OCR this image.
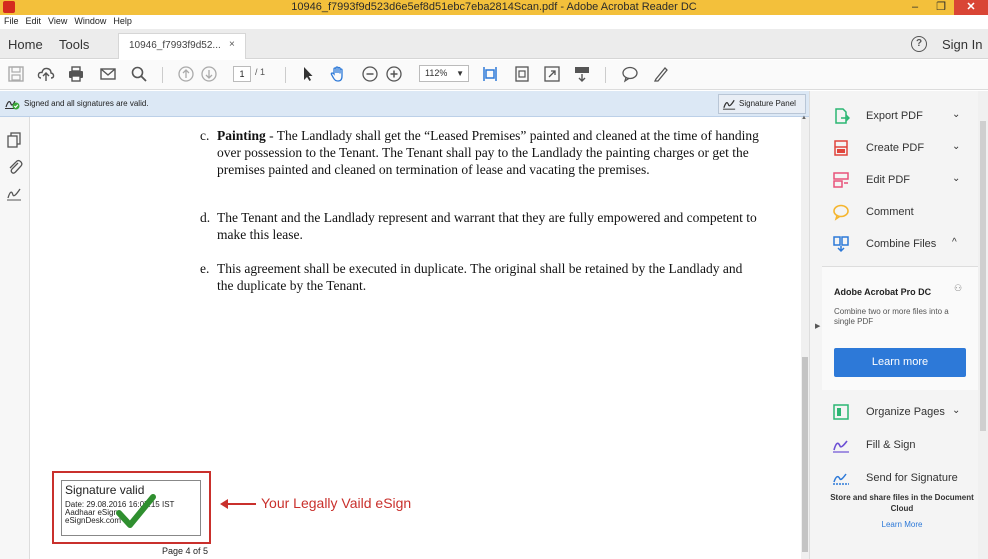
10946_f7993f9d523d6e5ef8d51ebc7eba2814Scan.pdf - Adobe Acrobat Reader DC	–	❐	✕
File Edit View Window Help
Home Tools	10946_f7993f9d52... ×	?	Sign In
1	/ 1	112% ▼
Signed and all signatures are valid.	Signature Panel
c. Painting - The Landlady shall get the “Leased Premises” painted and cleaned at the time of handing over possession to the Tenant. The Tenant shall pay to the Landlady the painting charges or get the premises painted and cleaned on termination of lease and vacating the premises.
d. The Tenant and the Landlady represent and warrant that they are fully empowered and competent to make this lease.
e. This agreement shall be executed in duplicate. The original shall be retained by the Landlady and the duplicate by the Tenant.
Signature valid
Date: 29.08.2016 16:07:15 IST
Aadhaar eSign
eSignDesk.com
Your Legally Vaild eSign
Page 4 of 5
▲
▶
Export PDF	⌄
Create PDF	⌄
Edit PDF	⌄
Comment
Combine Files ^
Adobe Acrobat Pro DC	⚇
Combine two or more files into a single PDF
Learn more
Organize Pages ⌄
Fill & Sign
Send for Signature
Store and share files in the Document Cloud
Learn More
